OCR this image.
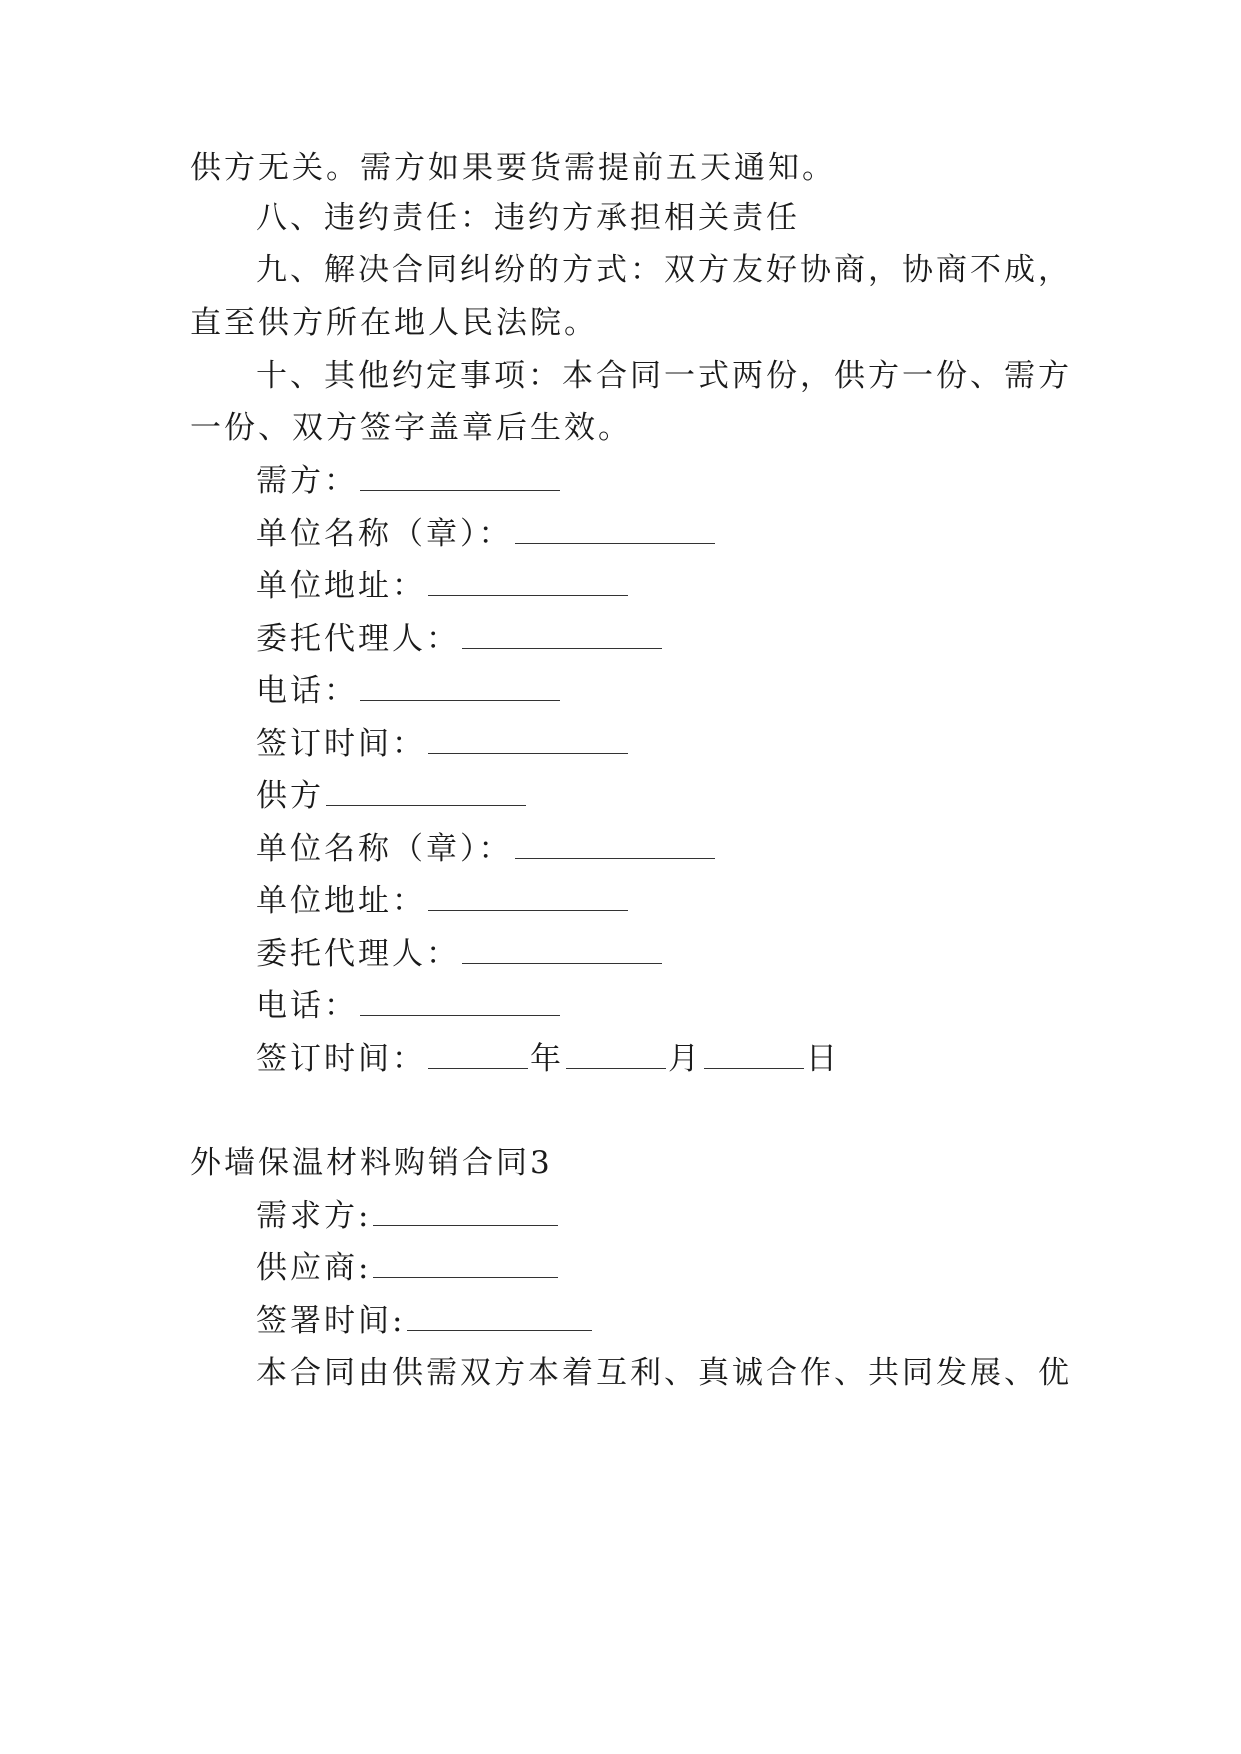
供方无关。需方如果要货需提前五天通知。
八、违约责任：违约方承担相关责任
九、解决合同纠纷的方式：双方友好协商，协商不成，
直至供方所在地人民法院。
十、其他约定事项：本合同一式两份，供方一份、需方
一份、双方签字盖章后生效。
需方：
单位名称（章）：
单位地址：
委托代理人：
电话：
签订时间：
供方
单位名称（章）：
单位地址：
委托代理人：
电话：
签订时间：	年	月	日
外墙保温材料购销合同3
需求方:
供应商:
签署时间:
本合同由供需双方本着互利、真诚合作、共同发展、优
